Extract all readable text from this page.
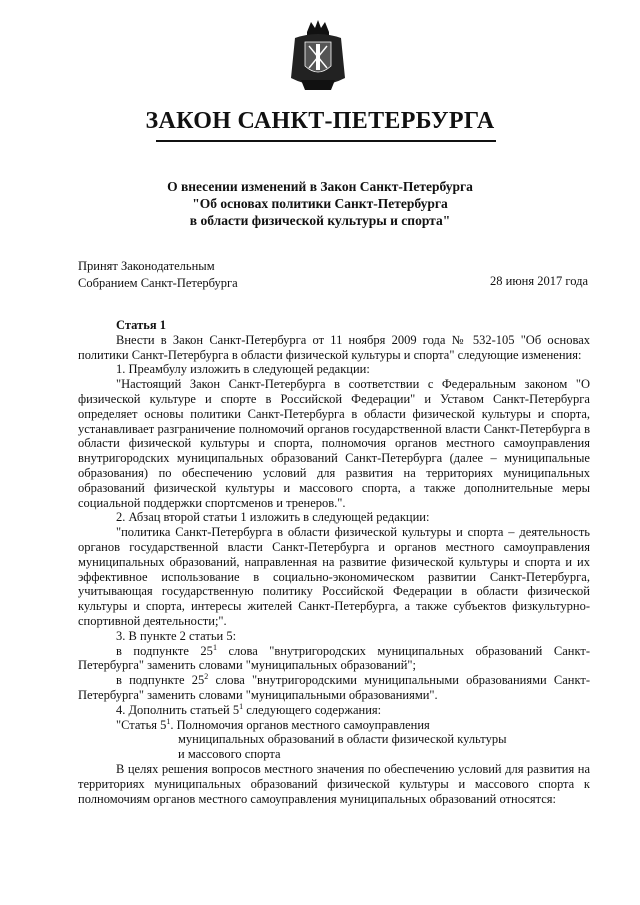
ЗАКОН САНКТ-ПЕТЕРБУРГА
О внесении изменений в Закон Санкт-Петербурга
"Об основах политики Санкт-Петербурга
в области физической культуры и спорта"
Принят Законодательным
Собранием Санкт-Петербурга	28 июня 2017 года

Статья 1

Внести в Закон Санкт-Петербурга от 11 ноября 2009 года № 532-105 "Об основах политики Санкт-Петербурга в области физической культуры и спорта" следующие изменения:

1. Преамбулу изложить в следующей редакции:

"Настоящий Закон Санкт-Петербурга в соответствии с Федеральным законом "О физической культуре и спорте в Российской Федерации" и Уставом Санкт-Петербурга определяет основы политики Санкт-Петербурга в области физической культуры и спорта, устанавливает разграничение полномочий органов государственной власти Санкт-Петербурга в области физической культуры и спорта, полномочия органов местного самоуправления внутригородских муниципальных образований Санкт-Петербурга (далее – муниципальные образования) по обеспечению условий для развития на территориях муниципальных образований физической культуры и массового спорта, а также дополнительные меры социальной поддержки спортсменов и тренеров.".

2. Абзац второй статьи 1 изложить в следующей редакции:

"политика Санкт-Петербурга в области физической культуры и спорта – деятельность органов государственной власти Санкт-Петербурга и органов местного самоуправления муниципальных образований, направленная на развитие физической культуры и спорта и их эффективное использование в социально-экономическом развитии Санкт-Петербурга, учитывающая государственную политику Российской Федерации в области физической культуры и спорта, интересы жителей Санкт-Петербурга, а также субъектов физкультурно-спортивной деятельности;".

3. В пункте 2 статьи 5:

в подпункте $25^1$ слова "внутригородских муниципальных образований Санкт-Петербурга" заменить словами "муниципальных образований";

в подпункте $25^2$ слова "внутригородскими муниципальными образованиями Санкт-Петербурга" заменить словами "муниципальными образованиями".

4. Дополнить статьей $5^1$ следующего содержания:

"Статья $5^1$. Полномочия органов местного самоуправления

муниципальных образований в области физической культуры

и массового спорта

В целях решения вопросов местного значения по обеспечению условий для развития на территориях муниципальных образований физической культуры и массового спорта к полномочиям органов местного самоуправления муниципальных образований относятся:
